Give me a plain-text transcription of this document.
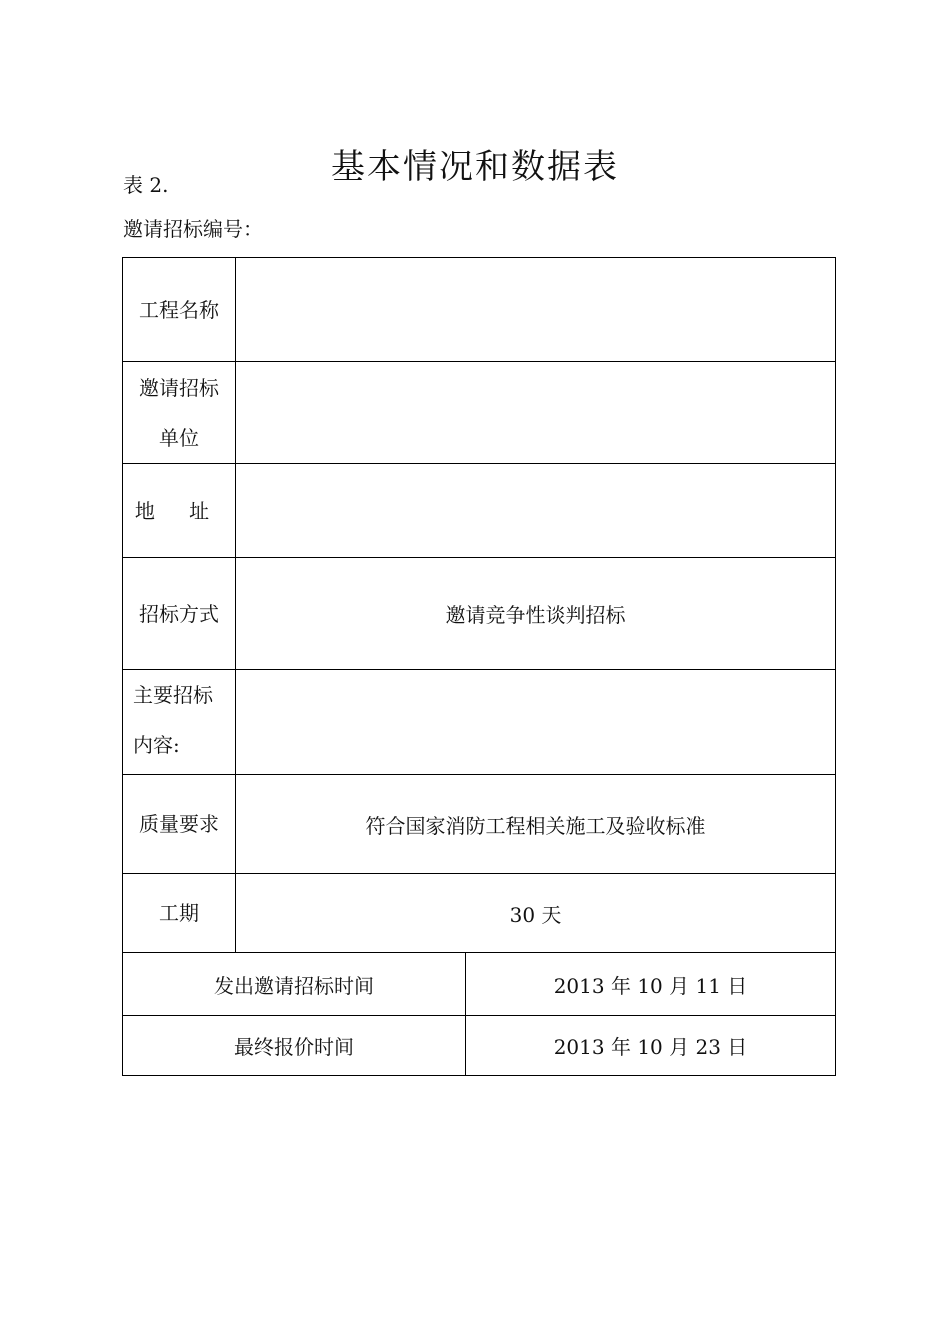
基本情况和数据表
表 2.
邀请招标编号：
工程名称
邀请招标
单位
地 址
招标方式	邀请竞争性谈判招标
主要招标
内容:
质量要求	符合国家消防工程相关施工及验收标准
工期	30 天
发出邀请招标时间	2013 年 10 月 11 日
最终报价时间	2013 年 10 月 23 日
